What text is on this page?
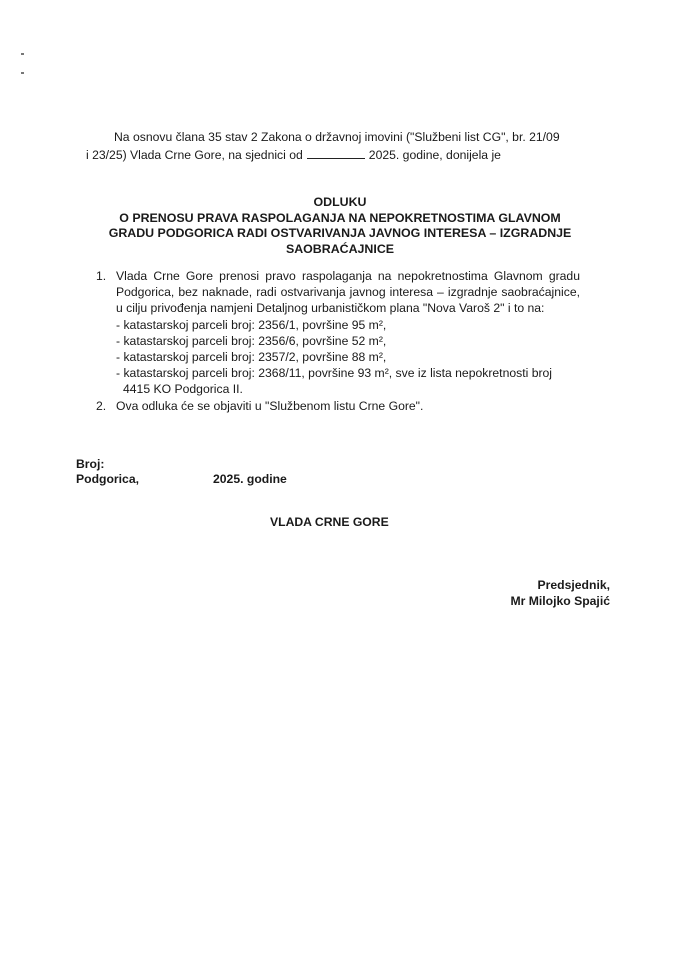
Na osnovu člana 35 stav 2 Zakona o državnoj imovini ("Službeni list CG", br. 21/09
i 23/25) Vlada Crne Gore, na sjednici od	2025. godine, donijela je
ODLUKU
O PRENOSU PRAVA RASPOLAGANJA NA NEPOKRETNOSTIMA GLAVNOM
GRADU PODGORICA RADI OSTVARIVANJA JAVNOG INTERESA – IZGRADNJE
SAOBRAĆAJNICE
1. Vlada Crne Gore prenosi pravo raspolaganja na nepokretnostima Glavnom gradu Podgorica, bez naknade, radi ostvarivanja javnog interesa – izgradnje saobraćajnice, u cilju privođenja namjeni Detaljnog urbanističkom plana "Nova Varoš 2" i to na:
- katastarskoj parceli broj: 2356/1, površine 95 m²,
- katastarskoj parceli broj: 2356/6, površine 52 m²,
- katastarskoj parceli broj: 2357/2, površine 88 m²,
- katastarskoj parceli broj: 2368/11, površine 93 m², sve iz lista nepokretnosti broj
4415 KO Podgorica II.
2. Ova odluka će se objaviti u "Službenom listu Crne Gore".
Broj:
Podgorica,	2025. godine
VLADA CRNE GORE
Predsjednik,
Mr Milojko Spajić
